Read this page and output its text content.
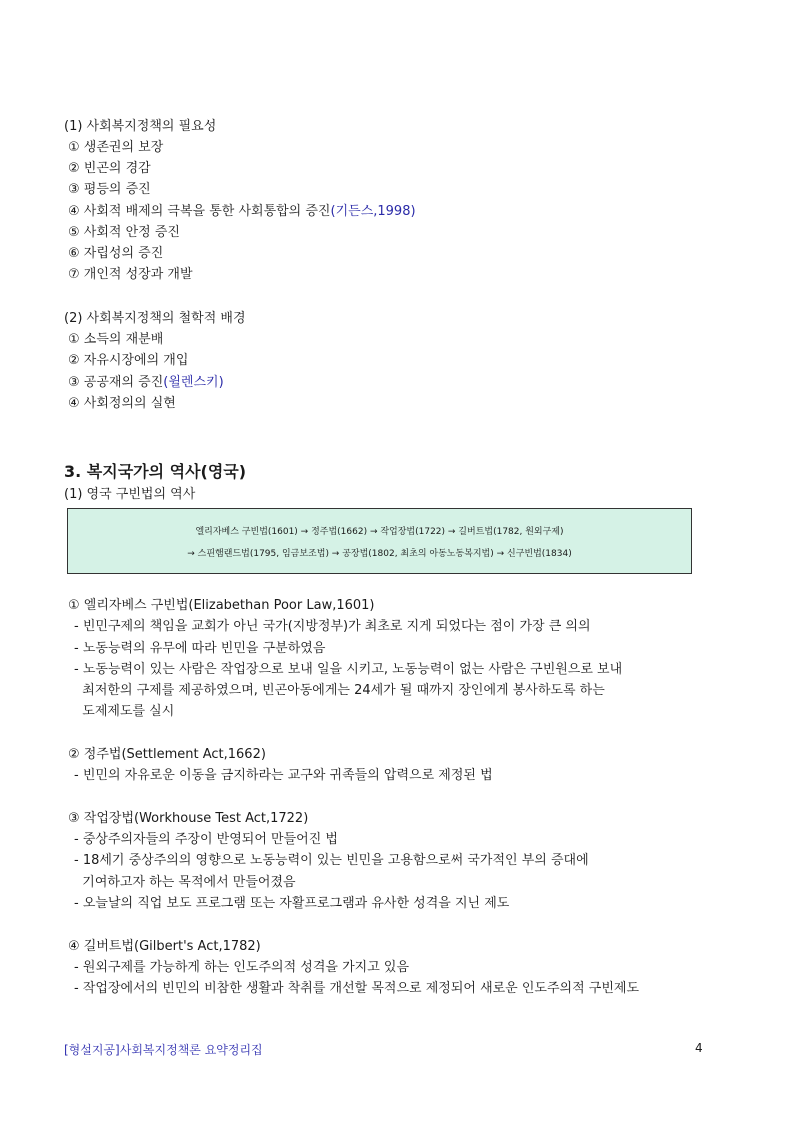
(1) 사회복지정책의 필요성
① 생존권의 보장
② 빈곤의 경감
③ 평등의 증진
④ 사회적 배제의 극복을 통한 사회통합의 증진(기든스,1998)
⑤ 사회적 안정 증진
⑥ 자립성의 증진
⑦ 개인적 성장과 개발
(2) 사회복지정책의 철학적 배경
① 소득의 재분배
② 자유시장에의 개입
③ 공공재의 증진(윌렌스키)
④ 사회정의의 실현
3. 복지국가의 역사(영국)
(1) 영국 구빈법의 역사
엘리자베스 구빈법(1601) → 정주법(1662) → 작업장법(1722) → 길버트법(1782, 원외구제)
→ 스핀햄랜드법(1795, 임금보조법) → 공장법(1802, 최초의 아동노동복지법) → 신구빈법(1834)
① 엘리자베스 구빈법(Elizabethan Poor Law,1601)
- 빈민구제의 책임을 교회가 아닌 국가(지방정부)가 최초로 지게 되었다는 점이 가장 큰 의의
- 노동능력의 유무에 따라 빈민을 구분하였음
- 노동능력이 있는 사람은 작업장으로 보내 일을 시키고, 노동능력이 없는 사람은 구빈원으로 보내
최저한의 구제를 제공하였으며, 빈곤아동에게는 24세가 될 때까지 장인에게 봉사하도록 하는
도제제도를 실시
② 정주법(Settlement Act,1662)
- 빈민의 자유로운 이동을 금지하라는 교구와 귀족들의 압력으로 제정된 법
③ 작업장법(Workhouse Test Act,1722)
- 중상주의자들의 주장이 반영되어 만들어진 법
- 18세기 중상주의의 영향으로 노동능력이 있는 빈민을 고용함으로써 국가적인 부의 증대에
기여하고자 하는 목적에서 만들어졌음
- 오늘날의 직업 보도 프로그램 또는 자활프로그램과 유사한 성격을 지닌 제도
④ 길버트법(Gilbert's Act,1782)
- 원외구제를 가능하게 하는 인도주의적 성격을 가지고 있음
- 작업장에서의 빈민의 비참한 생활과 착취를 개선할 목적으로 제정되어 새로운 인도주의적 구빈제도
[형설지공]사회복지정책론 요약정리집	4
